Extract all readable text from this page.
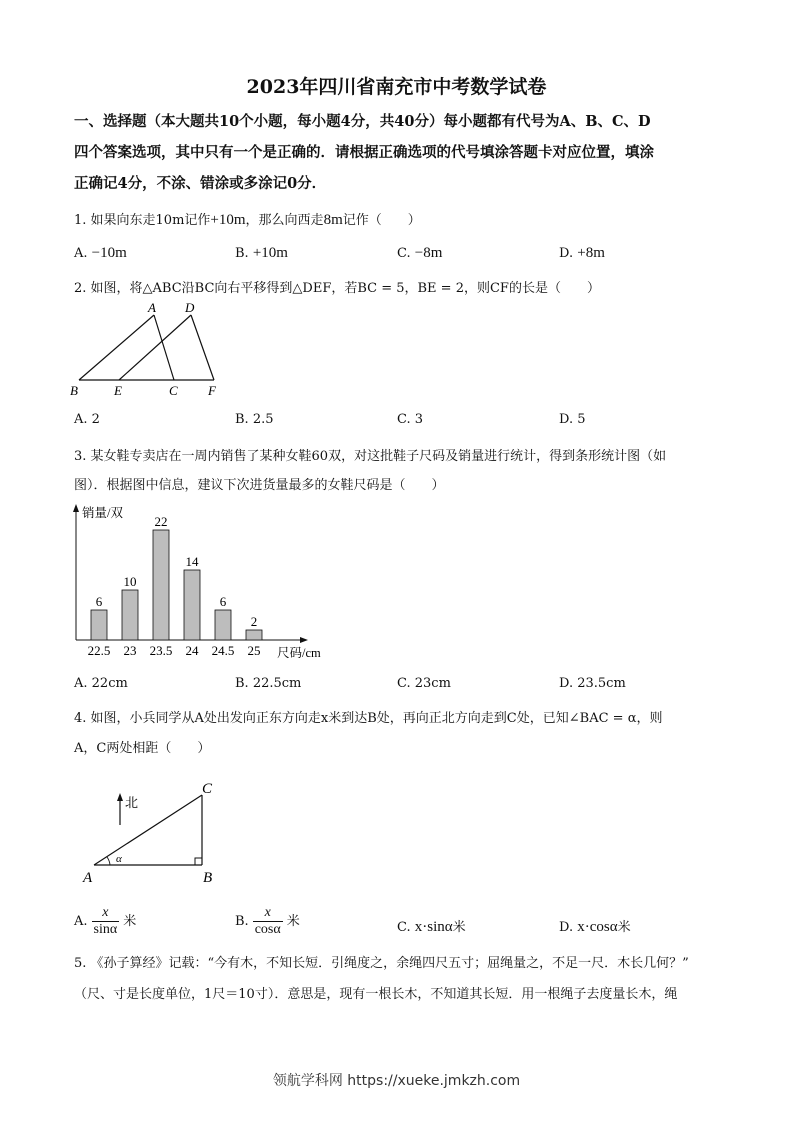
2023年四川省南充市中考数学试卷
一、选择题（本大题共10个小题，每小题4分，共40分）每小题都有代号为A、B、C、D
四个答案选项，其中只有一个是正确的．请根据正确选项的代号填涂答题卡对应位置，填涂
正确记4分，不涂、错涂或多涂记0分．
1. 如果向东走10m记作+10m，那么向西走8m记作（　　）
A. −10m	B. +10m	C. −8m	D. +8m
2. 如图，将△ABC沿BC向右平移得到△DEF，若BC = 5，BE = 2，则CF的长是（　　）
A D
B	E	C F
A. 2	B. 2.5	C. 3	D. 5
3. 某女鞋专卖店在一周内销售了某种女鞋60双，对这批鞋子尺码及销量进行统计，得到条形统计图（如
图）．根据图中信息，建议下次进货量最多的女鞋尺码是（　　）
销量/双
尺码/cm
6
22.5
10
23
22
23.5
14
24
6
24.5
2
25
A. 22cm	B. 22.5cm	C. 23cm	D. 23.5cm
4. 如图，小兵同学从A处出发向正东方向走x米到达B处，再向正北方向走到C处，已知∠BAC = α，则
A，C两处相距（　　）
北
α
C
A	B
A. $\frac{x}{\sin\alpha}$ 米	B. $\frac{x}{\cos\alpha}$ 米	C. x·sinα米	D. x·cosα米
5. 《孙子算经》记载：“今有木，不知长短．引绳度之，余绳四尺五寸；屈绳量之，不足一尺．木长几何？”
（尺、寸是长度单位，1尺＝10寸）．意思是，现有一根长木，不知道其长短．用一根绳子去度量长木，绳
领航学科网 https://xueke.jmkzh.com
